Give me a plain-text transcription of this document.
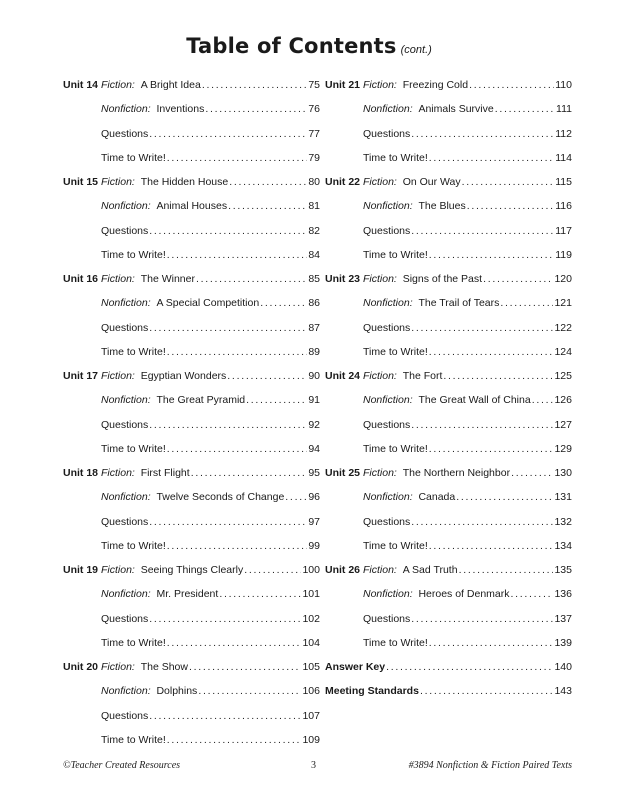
Table of Contents (cont.)
Unit 14 Fiction: A Bright Idea . . .	75
Nonfiction: Inventions . . .	76
Questions . . .	77
Time to Write! . . .	79
Unit 15 Fiction: The Hidden House . . .	80
Nonfiction: Animal Houses . . .	81
Questions . . .	82
Time to Write! . . .	84
Unit 16 Fiction: The Winner . . .	85
Nonfiction: A Special Competition . . .	86
Questions . . .	87
Time to Write! . . .	89
Unit 17 Fiction: Egyptian Wonders . . .	90
Nonfiction: The Great Pyramid . . .	91
Questions . . .	92
Time to Write! . . .	94
Unit 18 Fiction: First Flight . . .	95
Nonfiction: Twelve Seconds of Change . . . 96
Questions . . .	97
Time to Write! . . .	99
Unit 19 Fiction: Seeing Things Clearly . . .	100
Nonfiction: Mr. President . . .	101
Questions . . .	102
Time to Write! . . .	104
Unit 20 Fiction: The Show . . .	105
Nonfiction: Dolphins . . .	106
Questions . . .	107
Time to Write! . . .	109
Unit 21 Fiction: Freezing Cold . . .	110
Nonfiction: Animals Survive . . .	111
Questions . . .	112
Time to Write! . . .	114
Unit 22 Fiction: On Our Way . . .	115
Nonfiction: The Blues . . .	116
Questions . . .	117
Time to Write! . . .	119
Unit 23 Fiction: Signs of the Past . . .	120
Nonfiction: The Trail of Tears . . .	121
Questions . . .	122
Time to Write! . . .	124
Unit 24 Fiction: The Fort . . .	125
Nonfiction: The Great Wall of China . . . 126
Questions . . .	127
Time to Write! . . .	129
Unit 25 Fiction: The Northern Neighbor . . .	130
Nonfiction: Canada . . .	131
Questions . . .	132
Time to Write! . . .	134
Unit 26 Fiction: A Sad Truth . . .	135
Nonfiction: Heroes of Denmark . . .	136
Questions . . .	137
Time to Write! . . .	139
Answer Key . . .	140
Meeting Standards . . .	143
©Teacher Created Resources	3	#3894 Nonfiction & Fiction Paired Texts
